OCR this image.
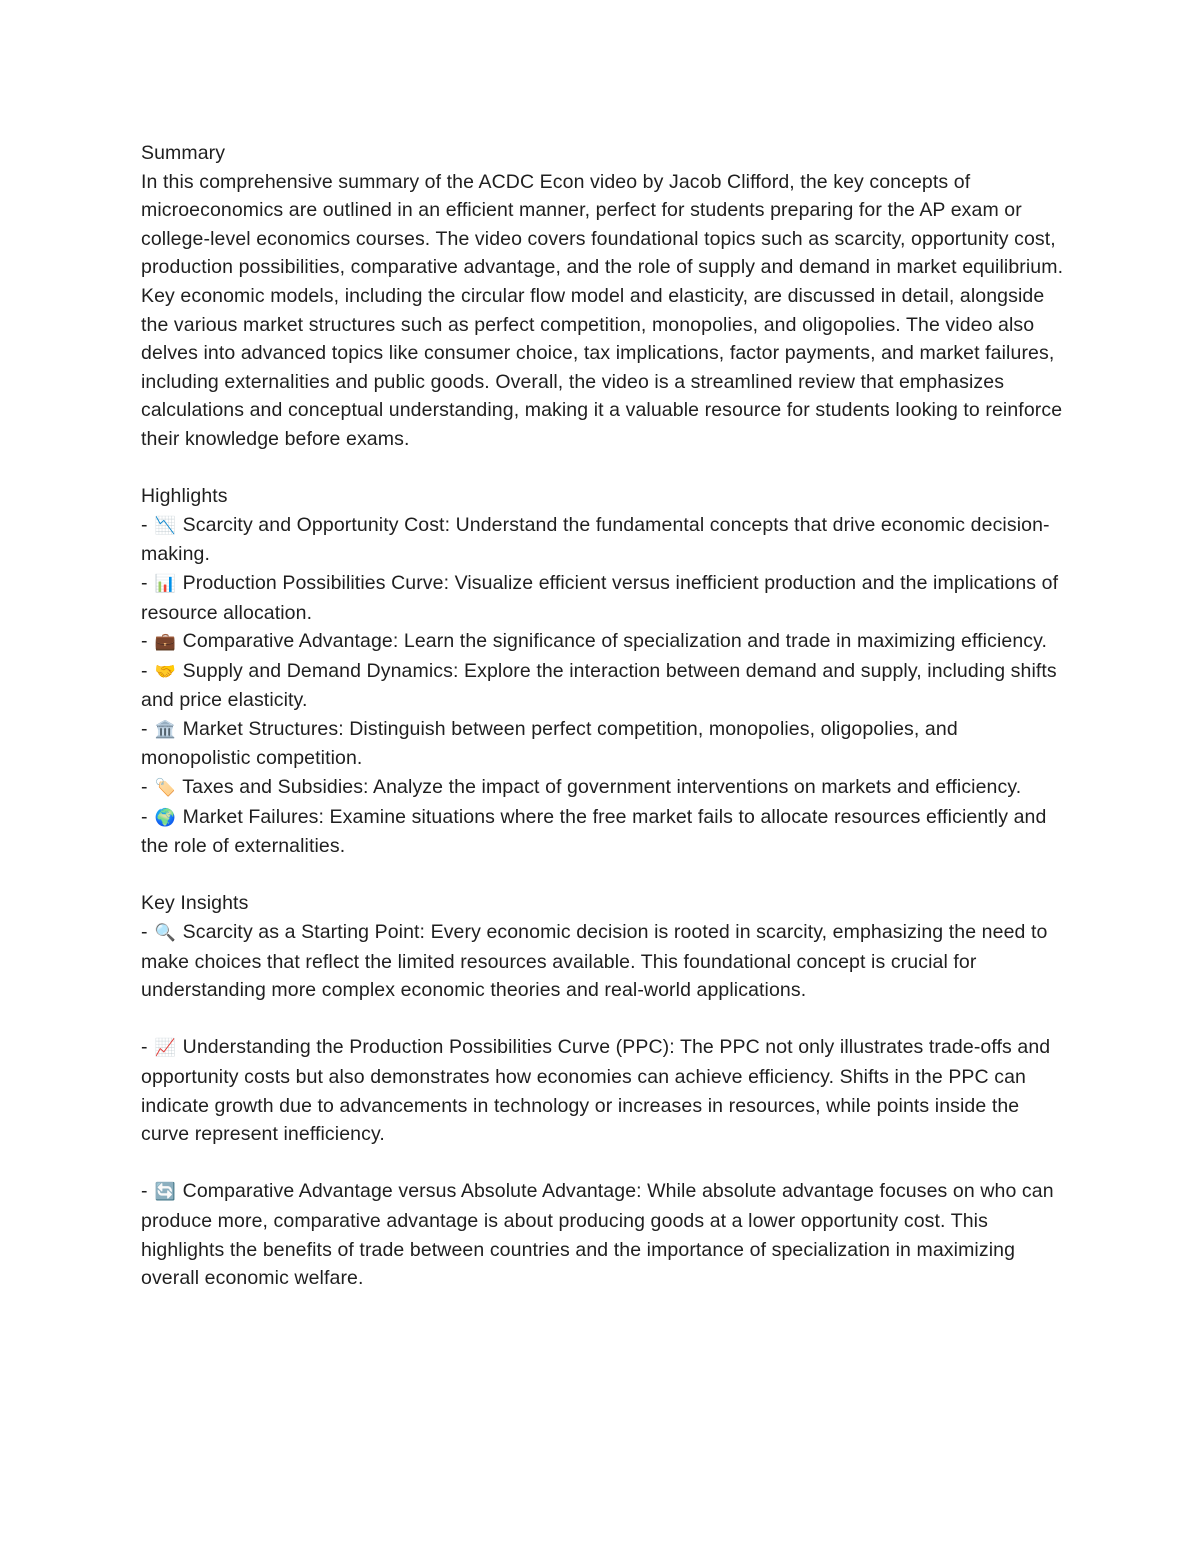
Summary

In this comprehensive summary of the ACDC Econ video by Jacob Clifford, the key concepts of microeconomics are outlined in an efficient manner, perfect for students preparing for the AP exam or college-level economics courses. The video covers foundational topics such as scarcity, opportunity cost, production possibilities, comparative advantage, and the role of supply and demand in market equilibrium. Key economic models, including the circular flow model and elasticity, are discussed in detail, alongside the various market structures such as perfect competition, monopolies, and oligopolies. The video also delves into advanced topics like consumer choice, tax implications, factor payments, and market failures, including externalities and public goods. Overall, the video is a streamlined review that emphasizes calculations and conceptual understanding, making it a valuable resource for students looking to reinforce their knowledge before exams.

Highlights

- 📉 Scarcity and Opportunity Cost: Understand the fundamental concepts that drive economic decision-making.

- 📊 Production Possibilities Curve: Visualize efficient versus inefficient production and the implications of resource allocation.

- 💼 Comparative Advantage: Learn the significance of specialization and trade in maximizing efficiency.

- 🤝 Supply and Demand Dynamics: Explore the interaction between demand and supply, including shifts and price elasticity.

- 🏛️ Market Structures: Distinguish between perfect competition, monopolies, oligopolies, and monopolistic competition.

- 🏷️ Taxes and Subsidies: Analyze the impact of government interventions on markets and efficiency.

- 🌍 Market Failures: Examine situations where the free market fails to allocate resources efficiently and the role of externalities.

Key Insights

- 🔍 Scarcity as a Starting Point: Every economic decision is rooted in scarcity, emphasizing the need to make choices that reflect the limited resources available. This foundational concept is crucial for understanding more complex economic theories and real-world applications.

- 📈 Understanding the Production Possibilities Curve (PPC): The PPC not only illustrates trade-offs and opportunity costs but also demonstrates how economies can achieve efficiency. Shifts in the PPC can indicate growth due to advancements in technology or increases in resources, while points inside the curve represent inefficiency.

- 🔄 Comparative Advantage versus Absolute Advantage: While absolute advantage focuses on who can produce more, comparative advantage is about producing goods at a lower opportunity cost. This highlights the benefits of trade between countries and the importance of specialization in maximizing overall economic welfare.
